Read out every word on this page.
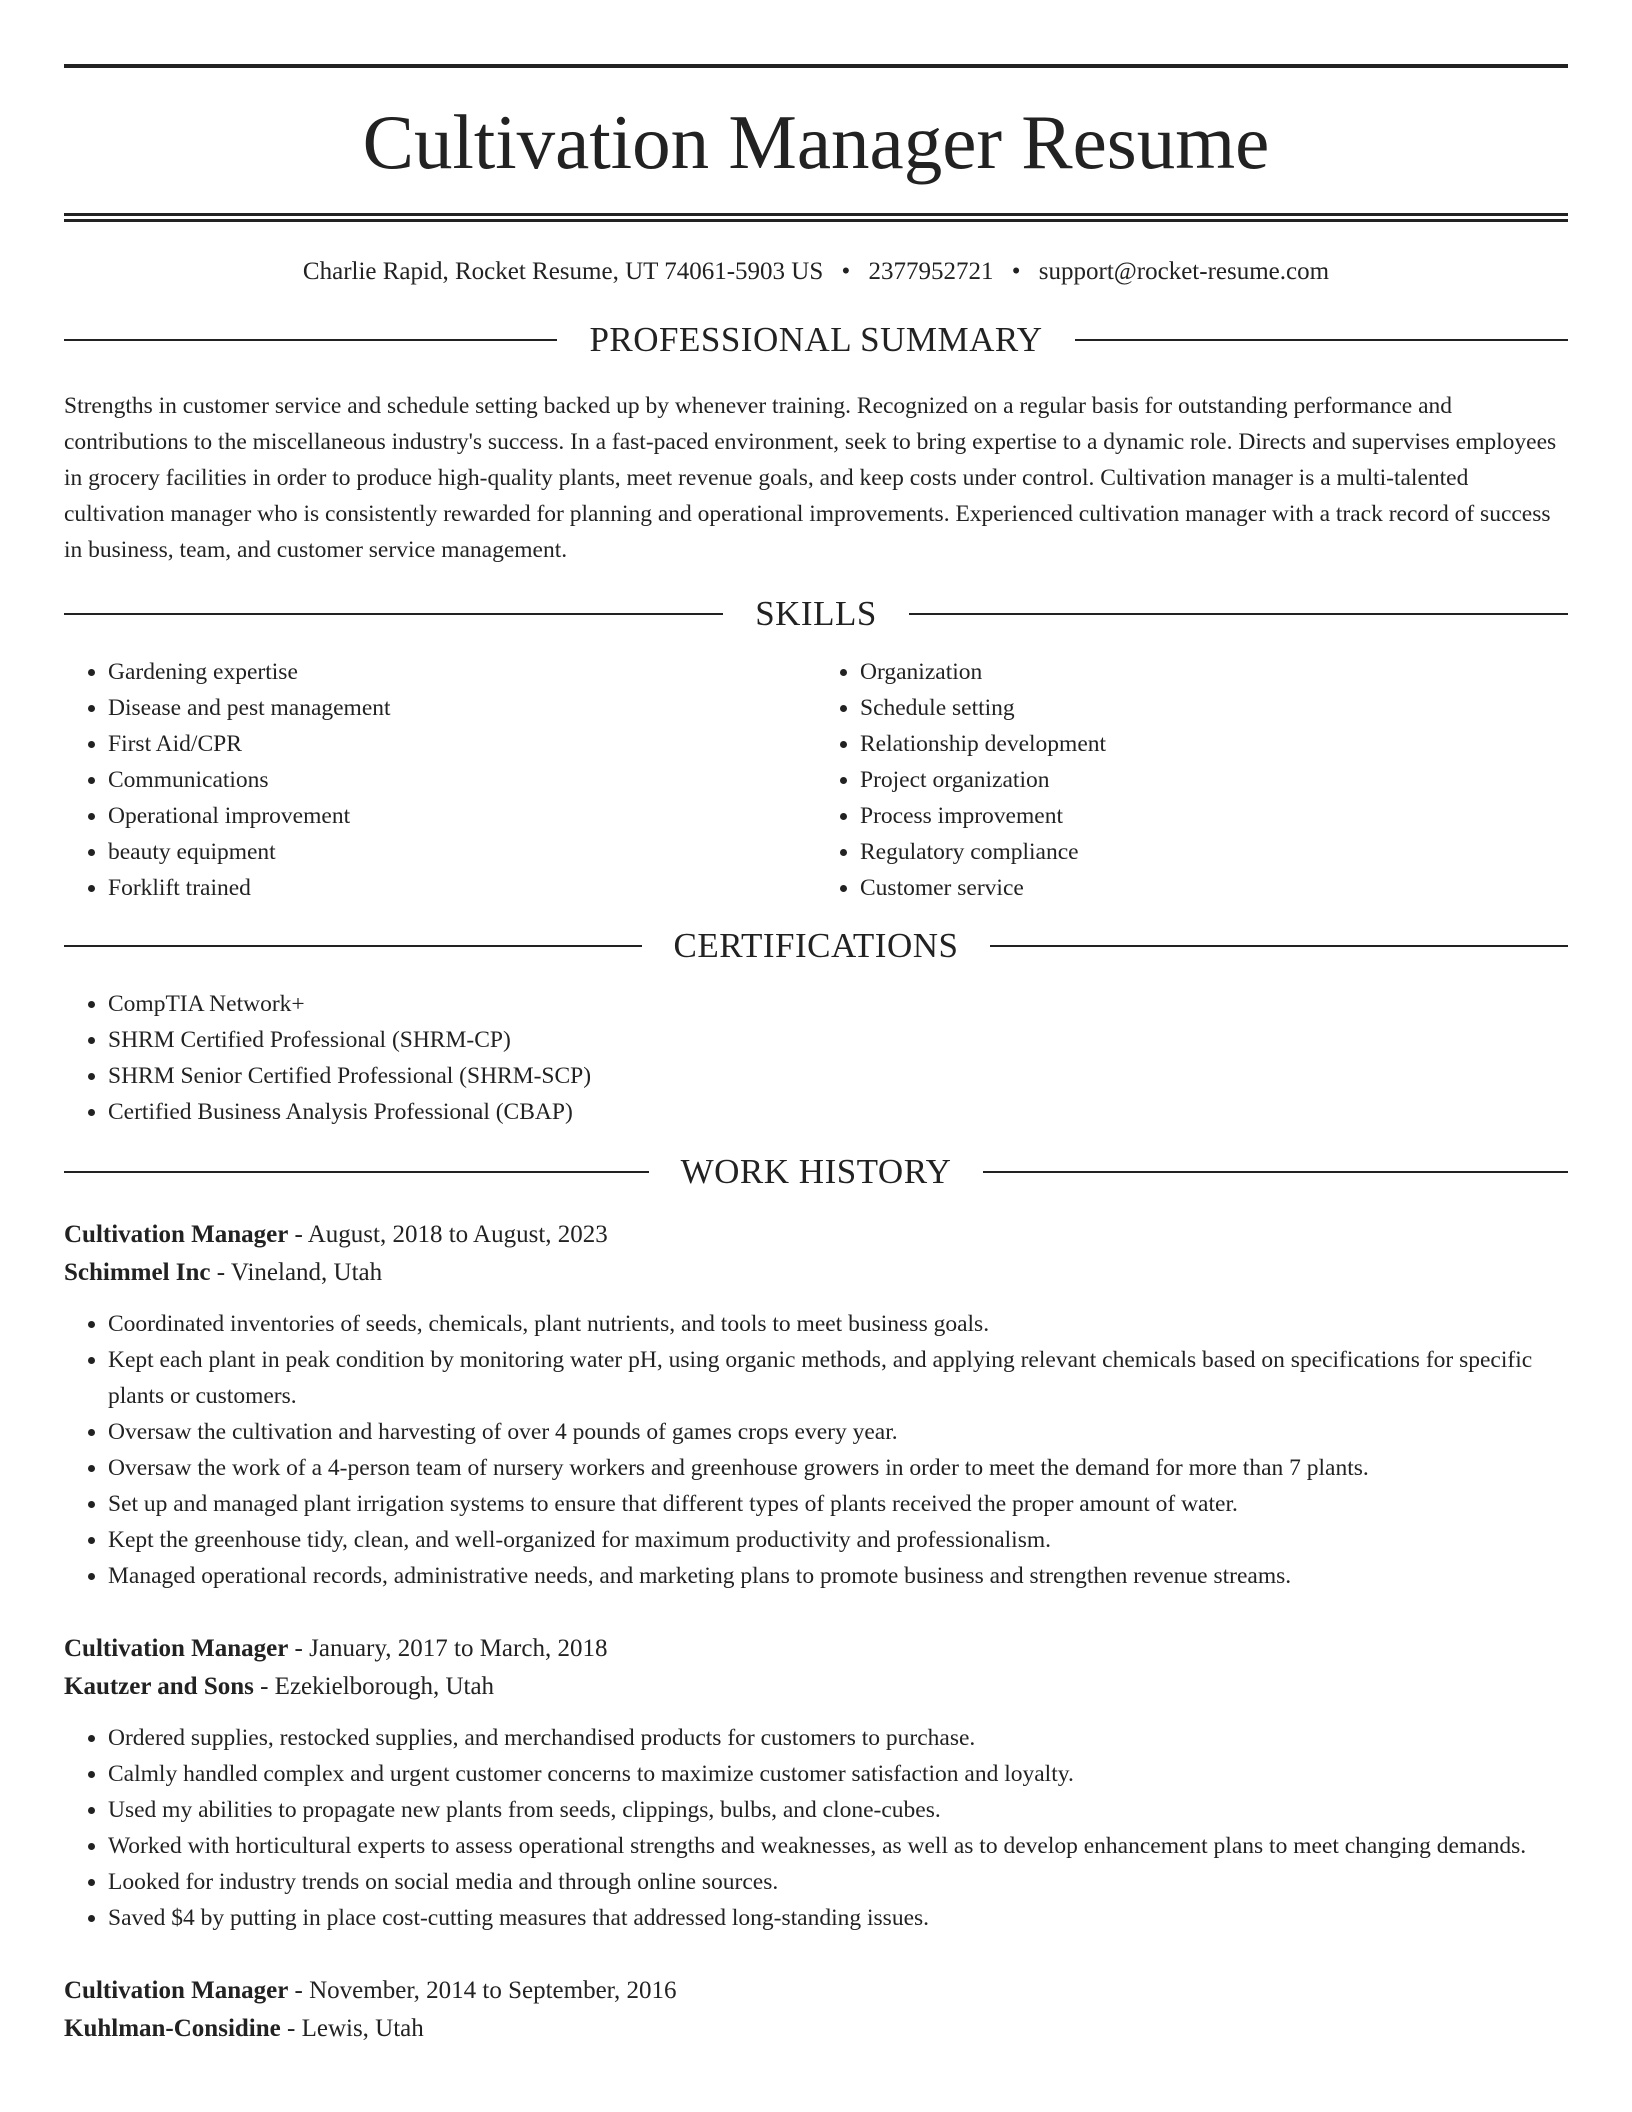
Cultivation Manager Resume
Charlie Rapid, Rocket Resume, UT 74061-5903 US • 2377952721 • support@rocket-resume.com
PROFESSIONAL SUMMARY

Strengths in customer service and schedule setting backed up by whenever training. Recognized on a regular basis for outstanding performance and contributions to the miscellaneous industry's success. In a fast-paced environment, seek to bring expertise to a dynamic role. Directs and supervises employees in grocery facilities in order to produce high-quality plants, meet revenue goals, and keep costs under control. Cultivation manager is a multi-talented cultivation manager who is consistently rewarded for planning and operational improvements. Experienced cultivation manager with a track record of success in business, team, and customer service management.

SKILLS
• Gardening expertise
• Disease and pest management
• First Aid/CPR
• Communications
• Operational improvement
• beauty equipment
• Forklift trained
• Organization
• Schedule setting
• Relationship development
• Project organization
• Process improvement
• Regulatory compliance
• Customer service
CERTIFICATIONS
• CompTIA Network+
• SHRM Certified Professional (SHRM-CP)
• SHRM Senior Certified Professional (SHRM-SCP)
• Certified Business Analysis Professional (CBAP)
WORK HISTORY
Cultivation Manager - August, 2018 to August, 2023
Schimmel Inc - Vineland, Utah
• Coordinated inventories of seeds, chemicals, plant nutrients, and tools to meet business goals.
• Kept each plant in peak condition by monitoring water pH, using organic methods, and applying relevant chemicals based on specifications for specific plants or customers.
• Oversaw the cultivation and harvesting of over 4 pounds of games crops every year.
• Oversaw the work of a 4-person team of nursery workers and greenhouse growers in order to meet the demand for more than 7 plants.
• Set up and managed plant irrigation systems to ensure that different types of plants received the proper amount of water.
• Kept the greenhouse tidy, clean, and well-organized for maximum productivity and professionalism.
• Managed operational records, administrative needs, and marketing plans to promote business and strengthen revenue streams.
Cultivation Manager - January, 2017 to March, 2018
Kautzer and Sons - Ezekielborough, Utah
• Ordered supplies, restocked supplies, and merchandised products for customers to purchase.
• Calmly handled complex and urgent customer concerns to maximize customer satisfaction and loyalty.
• Used my abilities to propagate new plants from seeds, clippings, bulbs, and clone-cubes.
• Worked with horticultural experts to assess operational strengths and weaknesses, as well as to develop enhancement plans to meet changing demands.
• Looked for industry trends on social media and through online sources.
• Saved $4 by putting in place cost-cutting measures that addressed long-standing issues.
Cultivation Manager - November, 2014 to September, 2016
Kuhlman-Considine - Lewis, Utah
